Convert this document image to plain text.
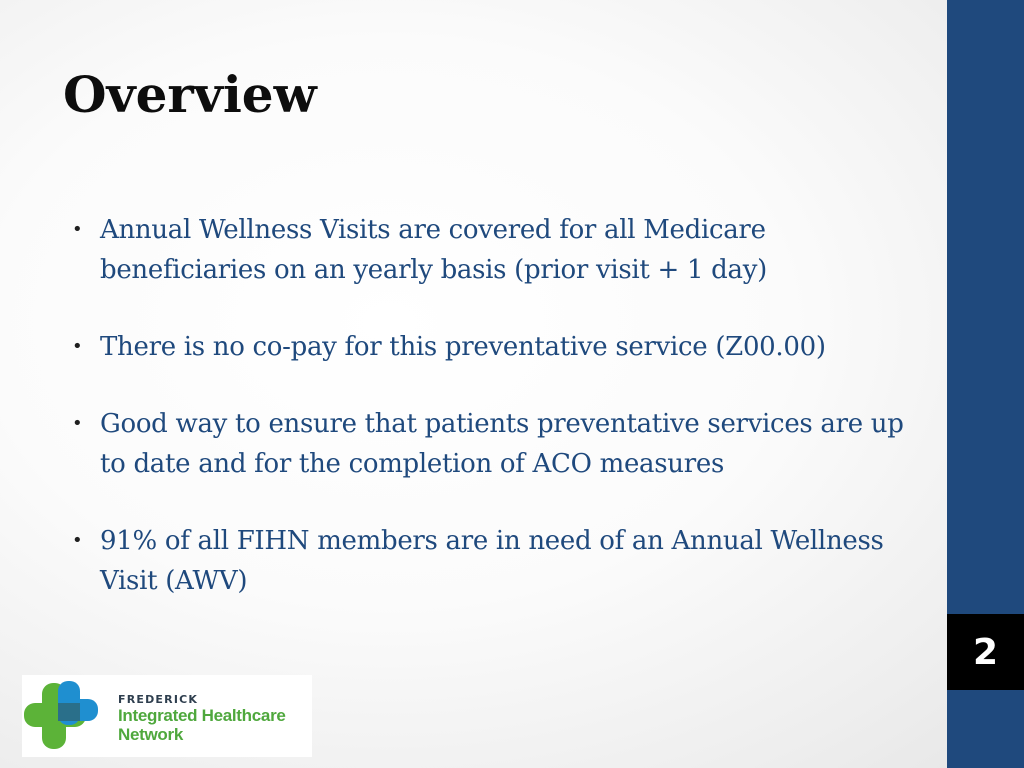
Overview
• Annual Wellness Visits are covered for all Medicare beneficiaries on an yearly basis (prior visit + 1 day)
• There is no co-pay for this preventative service (Z00.00)
• Good way to ensure that patients preventative services are up to date and for the completion of ACO measures
• 91% of all FIHN members are in need of an Annual Wellness Visit (AWV)
2
FREDERICK
Integrated Healthcare
Network
